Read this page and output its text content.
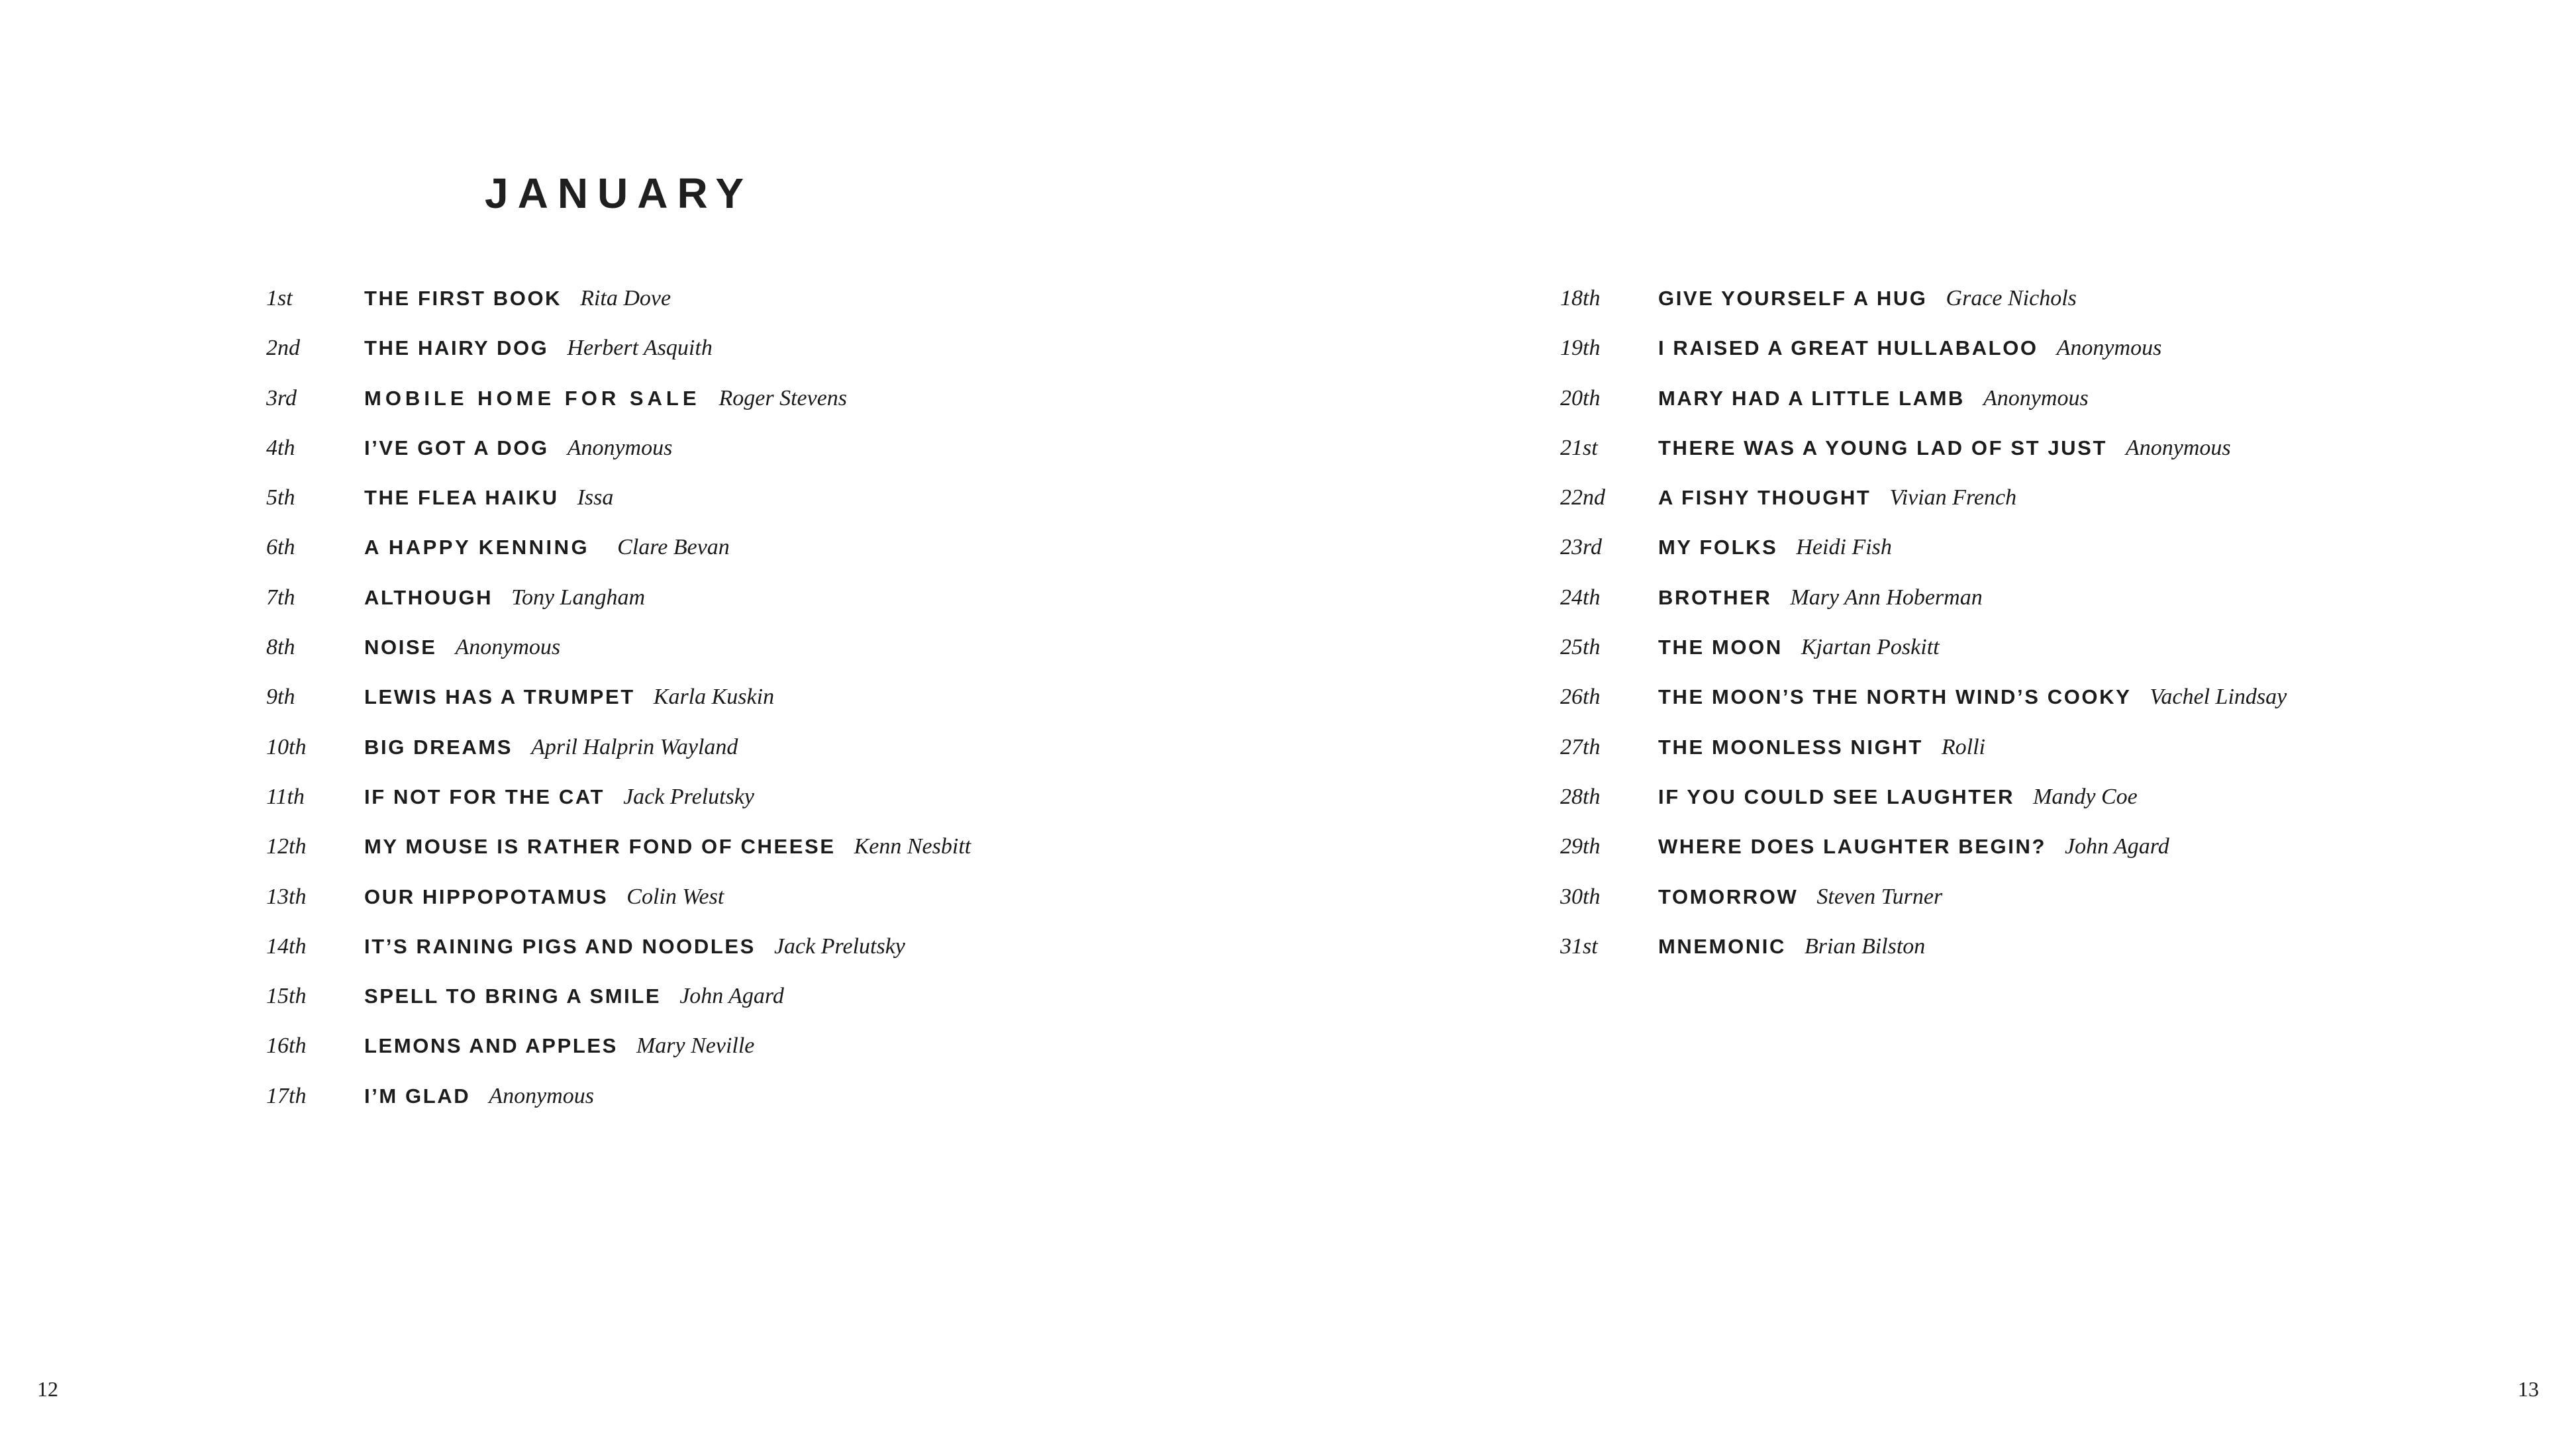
JANUARY
1st	THE FIRST BOOK Rita Dove
2nd	THE HAIRY DOG Herbert Asquith
3rd	MOBILE HOME FOR SALE Roger Stevens
4th	I’VE GOT A DOG Anonymous
5th	THE FLEA HAIKU Issa
6th	A HAPPY KENNING Clare Bevan
7th	ALTHOUGH Tony Langham
8th	NOISE Anonymous
9th	LEWIS HAS A TRUMPET Karla Kuskin
10th	BIG DREAMS April Halprin Wayland
11th	IF NOT FOR THE CAT Jack Prelutsky
12th	MY MOUSE IS RATHER FOND OF CHEESE Kenn Nesbitt
13th	OUR HIPPOPOTAMUS Colin West
14th	IT’S RAINING PIGS AND NOODLES Jack Prelutsky
15th	SPELL TO BRING A SMILE John Agard
16th	LEMONS AND APPLES Mary Neville
17th	I’M GLAD Anonymous
18th	GIVE YOURSELF A HUG Grace Nichols
19th	I RAISED A GREAT HULLABALOO Anonymous
20th	MARY HAD A LITTLE LAMB Anonymous
21st	THERE WAS A YOUNG LAD OF ST JUST Anonymous
22nd	A FISHY THOUGHT Vivian French
23rd	MY FOLKS Heidi Fish
24th	BROTHER Mary Ann Hoberman
25th	THE MOON Kjartan Poskitt
26th	THE MOON’S THE NORTH WIND’S COOKY Vachel Lindsay
27th	THE MOONLESS NIGHT Rolli
28th	IF YOU COULD SEE LAUGHTER Mandy Coe
29th	WHERE DOES LAUGHTER BEGIN? John Agard
30th	TOMORROW Steven Turner
31st	MNEMONIC Brian Bilston
12	13
